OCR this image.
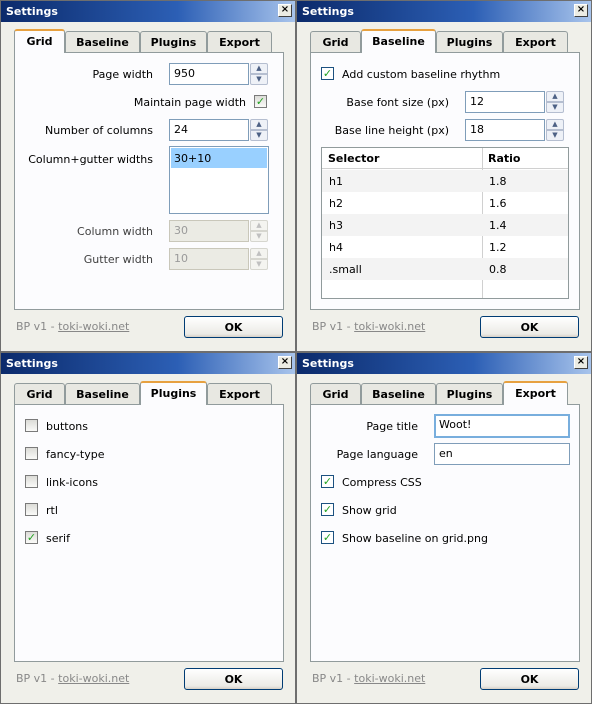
Settings	×
Grid	Baseline	Plugins	Export
Page width	950	▲
▼
Maintain page width ✓
Number of columns	24	▲
▼
Column+gutter widths 30+10
Column width	30	▲
▼
Gutter width	10	▲
▼
BP v1 - toki-woki.net	OK
Settings	×
Grid	Baseline	Plugins	Export
✓ Add custom baseline rhythm
Base font size (px)	12	▲
▼
Base line height (px)	18	▲
▼
Selector	Ratio
h1	1.8
h2	1.6
h3	1.4
h4	1.2
.small	0.8
BP v1 - toki-woki.net	OK
Settings	×
Grid	Baseline	Plugins	Export
buttons
fancy-type
link-icons
rtl
✓ serif
BP v1 - toki-woki.net	OK
Settings	×
Grid	Baseline	Plugins	Export
Page title	Woot!
Page language	en
✓ Compress CSS
✓ Show grid
✓ Show baseline on grid.png
BP v1 - toki-woki.net	OK
